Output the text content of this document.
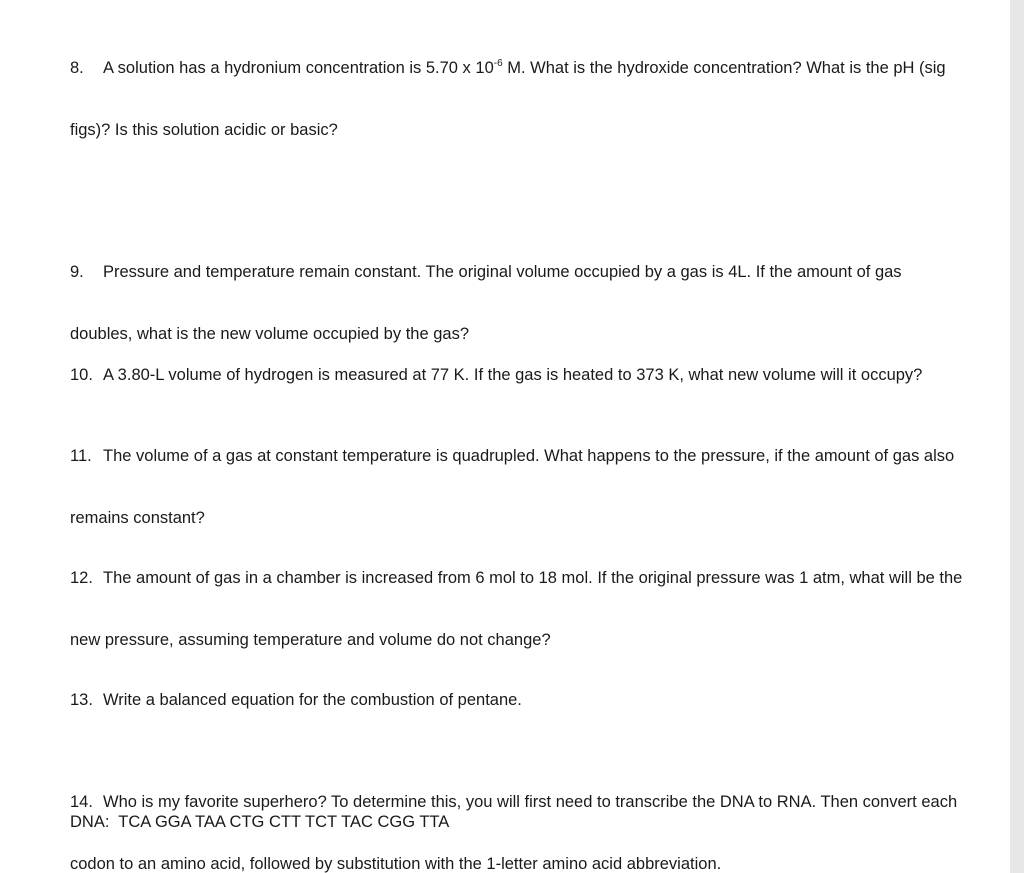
8. A solution has a hydronium concentration is 5.70 x $10^{-6}$ M. What is the hydroxide concentration? What is the pH (sig

figs)? Is this solution acidic or basic?

9. Pressure and temperature remain constant. The original volume occupied by a gas is 4L. If the amount of gas

doubles, what is the new volume occupied by the gas?

10. A 3.80-L volume of hydrogen is measured at 77 K. If the gas is heated to 373 K, what new volume will it occupy?

11. The volume of a gas at constant temperature is quadrupled. What happens to the pressure, if the amount of gas also

remains constant?

12. The amount of gas in a chamber is increased from 6 mol to 18 mol. If the original pressure was 1 atm, what will be the

new pressure, assuming temperature and volume do not change?

13. Write a balanced equation for the combustion of pentane.

14. Who is my favorite superhero? To determine this, you will first need to transcribe the DNA to RNA. Then convert each

codon to an amino acid, followed by substitution with the 1-letter amino acid abbreviation.

DNA: TCA GGA TAA CTG CTT TCT TAC CGG TTA
